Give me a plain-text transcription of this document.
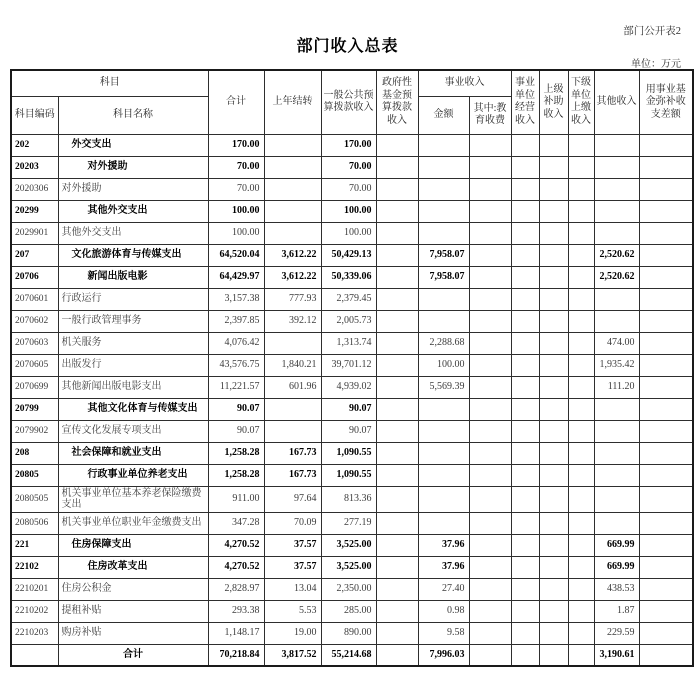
部门公开表2
部门收入总表
单位：万元
科目		合计	上年结转	一般公共预算拨款收入	政府性基金预算拨款收入	事业收入		事业单位经营收入	上级补助收入	下级单位上缴收入	其他收入	用事业基金弥补收支差额
科目编码	科目名称					金额	其中:教育收费					
202	外交支出	170.00		170.00								
20203	对外援助	70.00		70.00								
2020306	对外援助	70.00		70.00								
20299	其他外交支出	100.00		100.00								
2029901	其他外交支出	100.00		100.00								
207	文化旅游体育与传媒支出	64,520.04	3,612.22	50,429.13		7,958.07					2,520.62	
20706	新闻出版电影	64,429.97	3,612.22	50,339.06		7,958.07					2,520.62	
2070601	行政运行	3,157.38	777.93	2,379.45								
2070602	一般行政管理事务	2,397.85	392.12	2,005.73								
2070603	机关服务	4,076.42		1,313.74		2,288.68					474.00	
2070605	出版发行	43,576.75	1,840.21	39,701.12		100.00					1,935.42	
2070699	其他新闻出版电影支出	11,221.57	601.96	4,939.02		5,569.39					111.20	
20799	其他文化体育与传媒支出	90.07		90.07								
2079902	宣传文化发展专项支出	90.07		90.07								
208	社会保障和就业支出	1,258.28	167.73	1,090.55								
20805	行政事业单位养老支出	1,258.28	167.73	1,090.55								
2080505	机关事业单位基本养老保险缴费支出	911.00	97.64	813.36								
2080506	机关事业单位职业年金缴费支出	347.28	70.09	277.19								
221	住房保障支出	4,270.52	37.57	3,525.00		37.96					669.99	
22102	住房改革支出	4,270.52	37.57	3,525.00		37.96					669.99	
2210201	住房公积金	2,828.97	13.04	2,350.00		27.40					438.53	
2210202	提租补贴	293.38	5.53	285.00		0.98					1.87	
2210203	购房补贴	1,148.17	19.00	890.00		9.58					229.59	
	合计	70,218.84	3,817.52	55,214.68		7,996.03					3,190.61	
